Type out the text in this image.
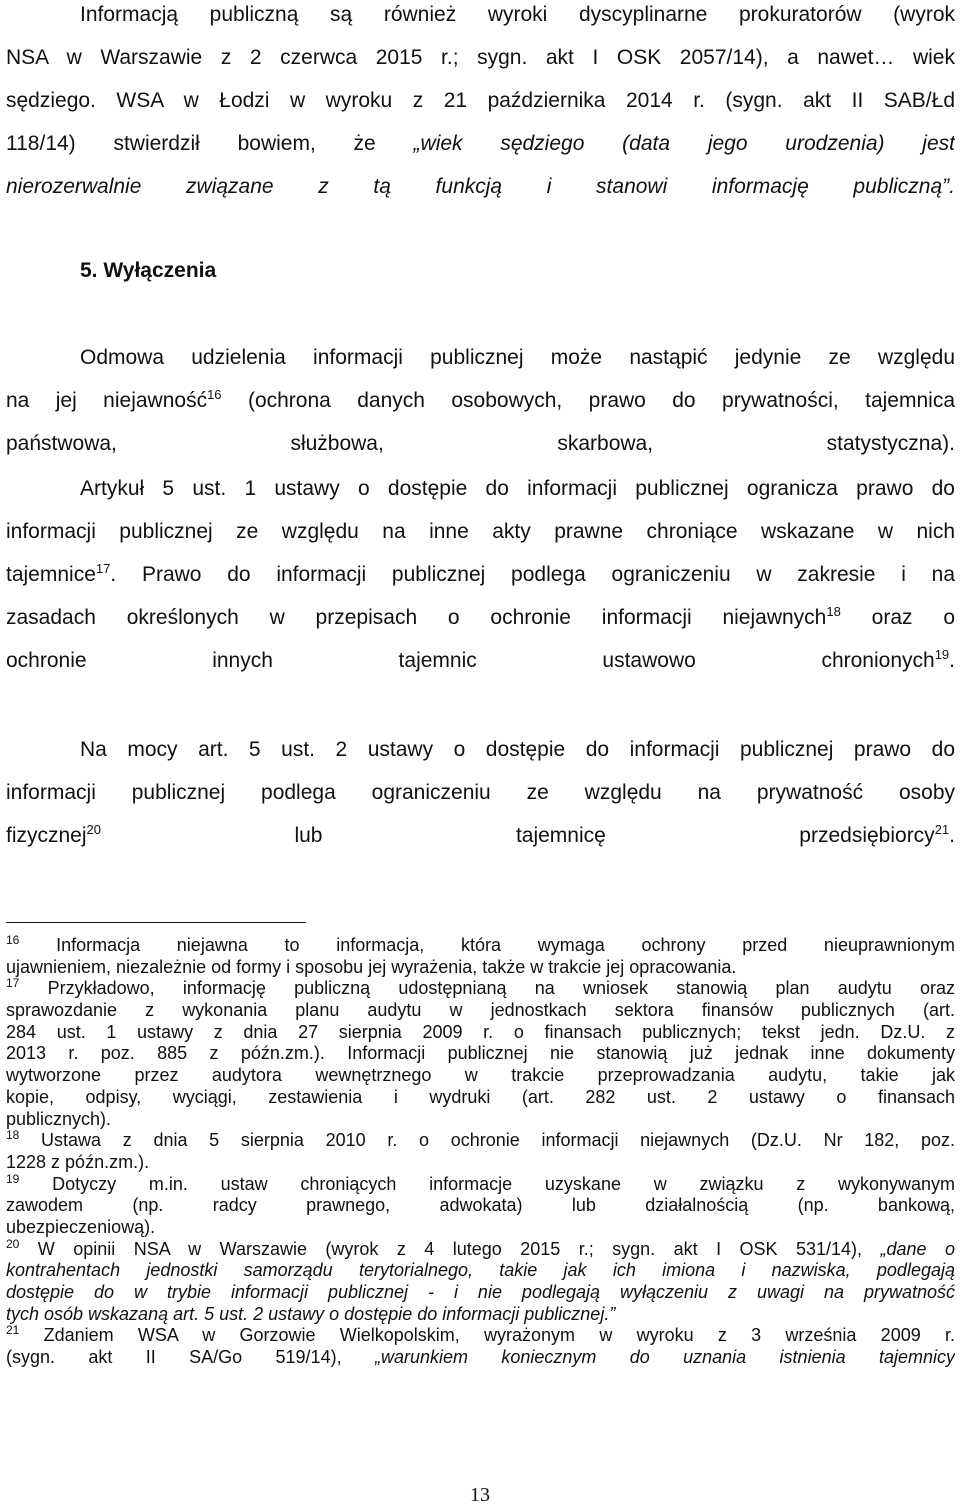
Informacją publiczną są również wyroki dyscyplinarne prokuratorów (wyrok
NSA w Warszawie z 2 czerwca 2015 r.; sygn. akt I OSK 2057/14), a nawet… wiek
sędziego. WSA w Łodzi w wyroku z 21 października 2014 r. (sygn. akt II SAB/Łd
118/14) stwierdził bowiem, że „wiek sędziego (data jego urodzenia) jest
nierozerwalnie związane z tą funkcją i stanowi informację publiczną”.
5. Wyłączenia
Odmowa udzielenia informacji publicznej może nastąpić jedynie ze względu
na jej niejawność$^{16}$ (ochrona danych osobowych, prawo do prywatności, tajemnica
państwowa, służbowa, skarbowa, statystyczna).
Artykuł 5 ust. 1 ustawy o dostępie do informacji publicznej ogranicza prawo do
informacji publicznej ze względu na inne akty prawne chroniące wskazane w nich
tajemnice$^{17}$. Prawo do informacji publicznej podlega ograniczeniu w zakresie i na
zasadach określonych w przepisach o ochronie informacji niejawnych$^{18}$ oraz o
ochronie innych tajemnic ustawowo chronionych$^{19}$.
Na mocy art. 5 ust. 2 ustawy o dostępie do informacji publicznej prawo do
informacji publicznej podlega ograniczeniu ze względu na prywatność osoby
fizycznej$^{20}$ lub tajemnicę przedsiębiorcy$^{21}$.
$^{16}$ Informacja niejawna to informacja, która wymaga ochrony przed nieuprawnionym
ujawnieniem, niezależnie od formy i sposobu jej wyrażenia, także w trakcie jej opracowania.
$^{17}$ Przykładowo, informację publiczną udostępnianą na wniosek stanowią plan audytu oraz
sprawozdanie z wykonania planu audytu w jednostkach sektora finansów publicznych (art.
284 ust. 1 ustawy z dnia 27 sierpnia 2009 r. o finansach publicznych; tekst jedn. Dz.U. z
2013 r. poz. 885 z późn.zm.). Informacji publicznej nie stanowią już jednak inne dokumenty
wytworzone przez audytora wewnętrznego w trakcie przeprowadzania audytu, takie jak
kopie, odpisy, wyciągi, zestawienia i wydruki (art. 282 ust. 2 ustawy o finansach
publicznych).
$^{18}$ Ustawa z dnia 5 sierpnia 2010 r. o ochronie informacji niejawnych (Dz.U. Nr 182, poz.
1228 z późn.zm.).
$^{19}$ Dotyczy m.in. ustaw chroniących informacje uzyskane w związku z wykonywanym
zawodem (np. radcy prawnego, adwokata) lub działalnością (np. bankową,
ubezpieczeniową).
$^{20}$ W opinii NSA w Warszawie (wyrok z 4 lutego 2015 r.; sygn. akt I OSK 531/14), „dane o
kontrahentach jednostki samorządu terytorialnego, takie jak ich imiona i nazwiska, podlegają
dostępie do w trybie informacji publicznej - i nie podlegają wyłączeniu z uwagi na prywatność
tych osób wskazaną art. 5 ust. 2 ustawy o dostępie do informacji publicznej.”
$^{21}$ Zdaniem WSA w Gorzowie Wielkopolskim, wyrażonym w wyroku z 3 września 2009 r.
(sygn. akt II SA/Go 519/14), „warunkiem koniecznym do uznania istnienia tajemnicy
13
